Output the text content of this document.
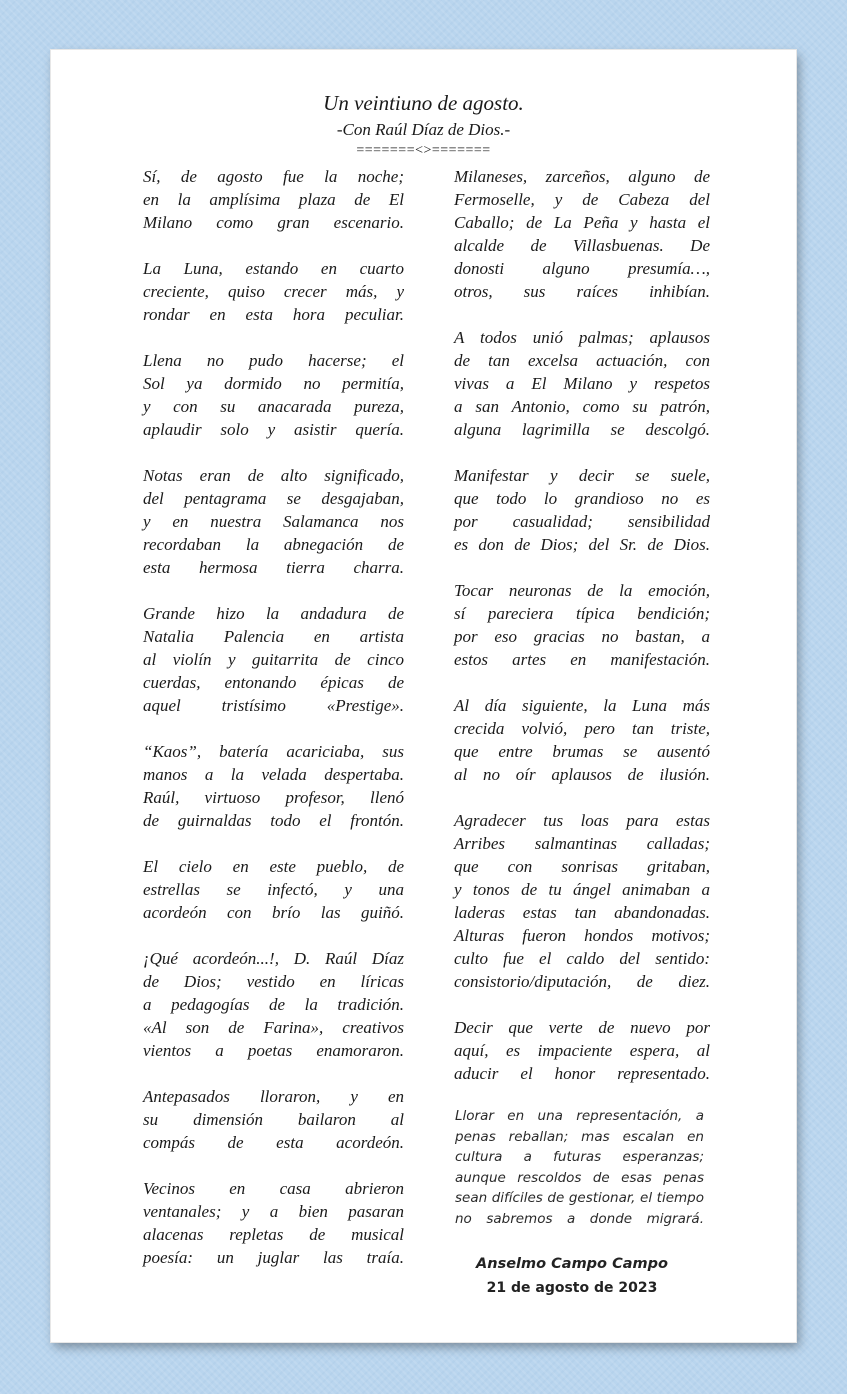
Un veintiuno de agosto.
-Con Raúl Díaz de Dios.-
=======<>=======
Sí, de agosto fue la noche;
en la amplísima plaza de El
Milano como gran escenario.
La Luna, estando en cuarto
creciente, quiso crecer más, y
rondar en esta hora peculiar.
Llena no pudo hacerse; el
Sol ya dormido no permitía,
y con su anacarada pureza,
aplaudir solo y asistir quería.
Notas eran de alto significado,
del pentagrama se desgajaban,
y en nuestra Salamanca nos
recordaban la abnegación de
esta hermosa tierra charra.
Grande hizo la andadura de
Natalia Palencia en artista
al violín y guitarrita de cinco
cuerdas, entonando épicas de
aquel tristísimo «Prestige».
“Kaos”, batería acariciaba, sus
manos a la velada despertaba.
Raúl, virtuoso profesor, llenó
de guirnaldas todo el frontón.
El cielo en este pueblo, de
estrellas se infectó, y una
acordeón con brío las guiñó.
¡Qué acordeón...!, D. Raúl Díaz
de Dios; vestido en líricas
a pedagogías de la tradición.
«Al son de Farina», creativos
vientos a poetas enamoraron.
Antepasados lloraron, y en
su dimensión bailaron al
compás de esta acordeón.
Vecinos en casa abrieron
ventanales; y a bien pasaran
alacenas repletas de musical
poesía: un juglar las traía.
Milaneses, zarceños, alguno de
Fermoselle, y de Cabeza del
Caballo; de La Peña y hasta el
alcalde de Villasbuenas. De
donosti alguno presumía…,
otros, sus raíces inhibían.
A todos unió palmas; aplausos
de tan excelsa actuación, con
vivas a El Milano y respetos
a san Antonio, como su patrón,
alguna lagrimilla se descolgó.
Manifestar y decir se suele,
que todo lo grandioso no es
por casualidad; sensibilidad
es don de Dios; del Sr. de Dios.
Tocar neuronas de la emoción,
sí pareciera típica bendición;
por eso gracias no bastan, a
estos artes en manifestación.
Al día siguiente, la Luna más
crecida volvió, pero tan triste,
que entre brumas se ausentó
al no oír aplausos de ilusión.
Agradecer tus loas para estas
Arribes salmantinas calladas;
que con sonrisas gritaban,
y tonos de tu ángel animaban a
laderas estas tan abandonadas.
Alturas fueron hondos motivos;
culto fue el caldo del sentido:
consistorio/diputación, de diez.
Decir que verte de nuevo por
aquí, es impaciente espera, al
aducir el honor representado.
Llorar en una representación, a
penas reballan; mas escalan en
cultura a futuras esperanzas;
aunque rescoldos de esas penas
sean difíciles de gestionar, el tiempo
no sabremos a donde migrará.
Anselmo Campo Campo
21 de agosto de 2023
